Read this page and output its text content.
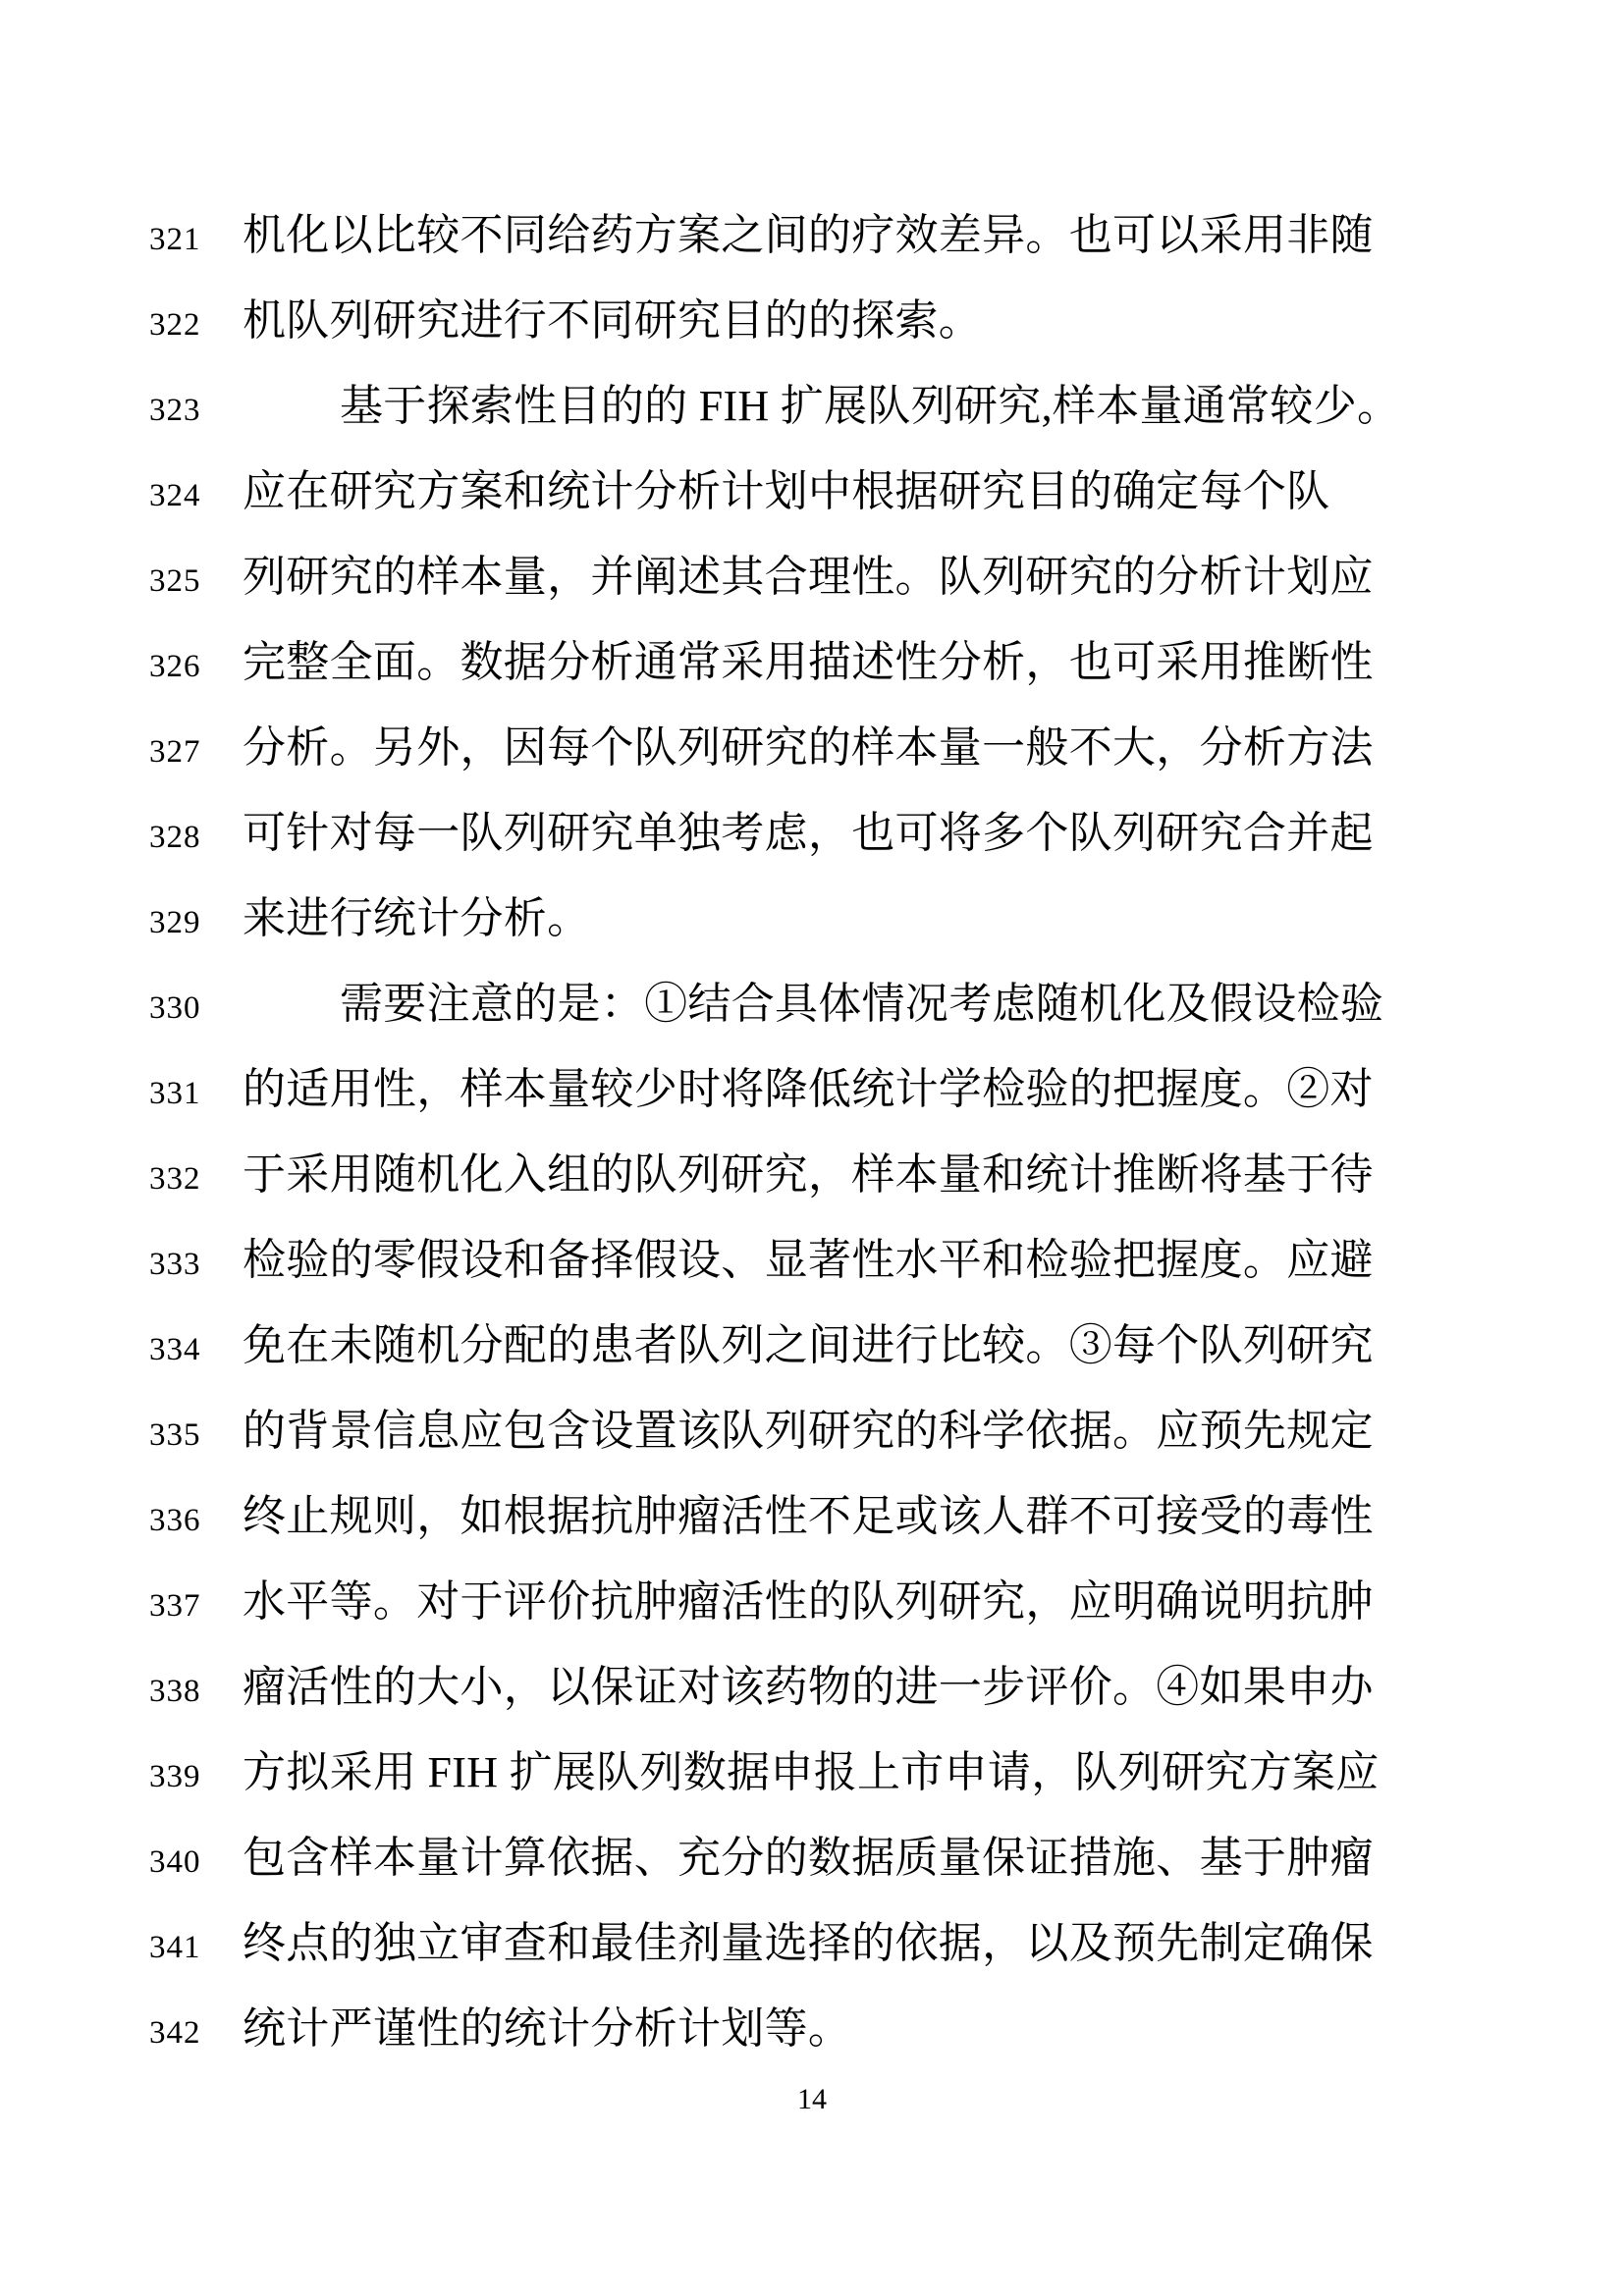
321 机化以比较不同给药方案之间的疗效差异。也可以采用非随
322 机队列研究进行不同研究目的的探索。
323	基于探索性目的的 FIH 扩展队列研究,样本量通常较少。
324 应在研究方案和统计分析计划中根据研究目的确定每个队
325 列研究的样本量，并阐述其合理性。队列研究的分析计划应
326 完整全面。数据分析通常采用描述性分析，也可采用推断性
327 分析。另外，因每个队列研究的样本量一般不大，分析方法
328 可针对每一队列研究单独考虑，也可将多个队列研究合并起
329 来进行统计分析。
330	需要注意的是：①结合具体情况考虑随机化及假设检验
331 的适用性，样本量较少时将降低统计学检验的把握度。②对
332 于采用随机化入组的队列研究，样本量和统计推断将基于待
333 检验的零假设和备择假设、显著性水平和检验把握度。应避
334 免在未随机分配的患者队列之间进行比较。③每个队列研究
335 的背景信息应包含设置该队列研究的科学依据。应预先规定
336 终止规则，如根据抗肿瘤活性不足或该人群不可接受的毒性
337 水平等。对于评价抗肿瘤活性的队列研究，应明确说明抗肿
338 瘤活性的大小，以保证对该药物的进一步评价。④如果申办
339 方拟采用 FIH 扩展队列数据申报上市申请，队列研究方案应
340 包含样本量计算依据、充分的数据质量保证措施、基于肿瘤
341 终点的独立审查和最佳剂量选择的依据，以及预先制定确保
342 统计严谨性的统计分析计划等。
14
